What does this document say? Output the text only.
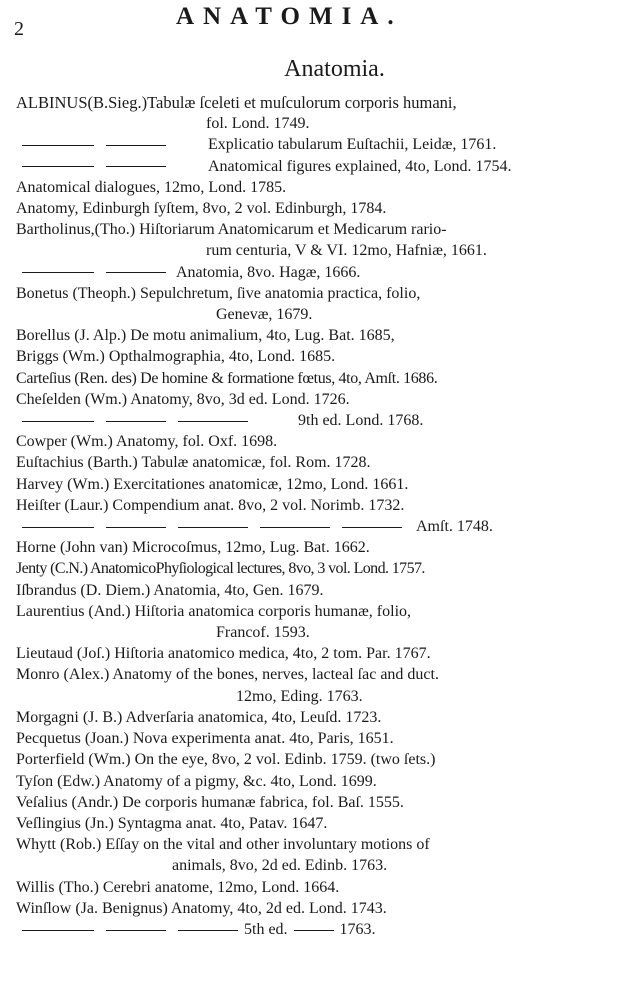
2	ANATOMIA.
Anatomia.
ALBINUS(B.Sieg.)Tabulæ ſceleti et muſculorum corporis humani,
fol. Lond. 1749.
Explicatio tabularum Euſtachii, Leidæ, 1761.
Anatomical figures explained, 4to, Lond. 1754.
Anatomical dialogues, 12mo, Lond. 1785.
Anatomy, Edinburgh ſyſtem, 8vo, 2 vol. Edinburgh, 1784.
Bartholinus,(Tho.) Hiſtoriarum Anatomicarum et Medicarum rario-
rum centuria, V & VI. 12mo, Hafniæ, 1661.
Anatomia, 8vo. Hagæ, 1666.
Bonetus (Theoph.) Sepulchretum, ſive anatomia practica, folio,
Genevæ, 1679.
Borellus (J. Alp.) De motu animalium, 4to, Lug. Bat. 1685,
Briggs (Wm.) Opthalmographia, 4to, Lond. 1685.
Carteſius (Ren. des) De homine & formatione fœtus, 4to, Amſt. 1686.
Cheſelden (Wm.) Anatomy, 8vo, 3d ed. Lond. 1726.
9th ed. Lond. 1768.
Cowper (Wm.) Anatomy, fol. Oxf. 1698.
Euſtachius (Barth.) Tabulæ anatomicæ, fol. Rom. 1728.
Harvey (Wm.) Exercitationes anatomicæ, 12mo, Lond. 1661.
Heiſter (Laur.) Compendium anat. 8vo, 2 vol. Norimb. 1732.
Amſt. 1748.
Horne (John van) Microcoſmus, 12mo, Lug. Bat. 1662.
Jenty (C.N.) AnatomicoPhyſiological lectures, 8vo, 3 vol. Lond. 1757.
Iſbrandus (D. Diem.) Anatomia, 4to, Gen. 1679.
Laurentius (And.) Hiſtoria anatomica corporis humanæ, folio,
Francof. 1593.
Lieutaud (Joſ.) Hiſtoria anatomico medica, 4to, 2 tom. Par. 1767.
Monro (Alex.) Anatomy of the bones, nerves, lacteal ſac and duct.
12mo, Eding. 1763.
Morgagni (J. B.) Adverſaria anatomica, 4to, Leuſd. 1723.
Pecquetus (Joan.) Nova experimenta anat. 4to, Paris, 1651.
Porterfield (Wm.) On the eye, 8vo, 2 vol. Edinb. 1759. (two ſets.)
Tyſon (Edw.) Anatomy of a pigmy, &c. 4to, Lond. 1699.
Veſalius (Andr.) De corporis humanæ fabrica, fol. Baſ. 1555.
Veſlingius (Jn.) Syntagma anat. 4to, Patav. 1647.
Whytt (Rob.) Eſſay on the vital and other involuntary motions of
animals, 8vo, 2d ed. Edinb. 1763.
Willis (Tho.) Cerebri anatome, 12mo, Lond. 1664.
Winſlow (Ja. Benignus) Anatomy, 4to, 2d ed. Lond. 1743.
5th ed.	1763.
